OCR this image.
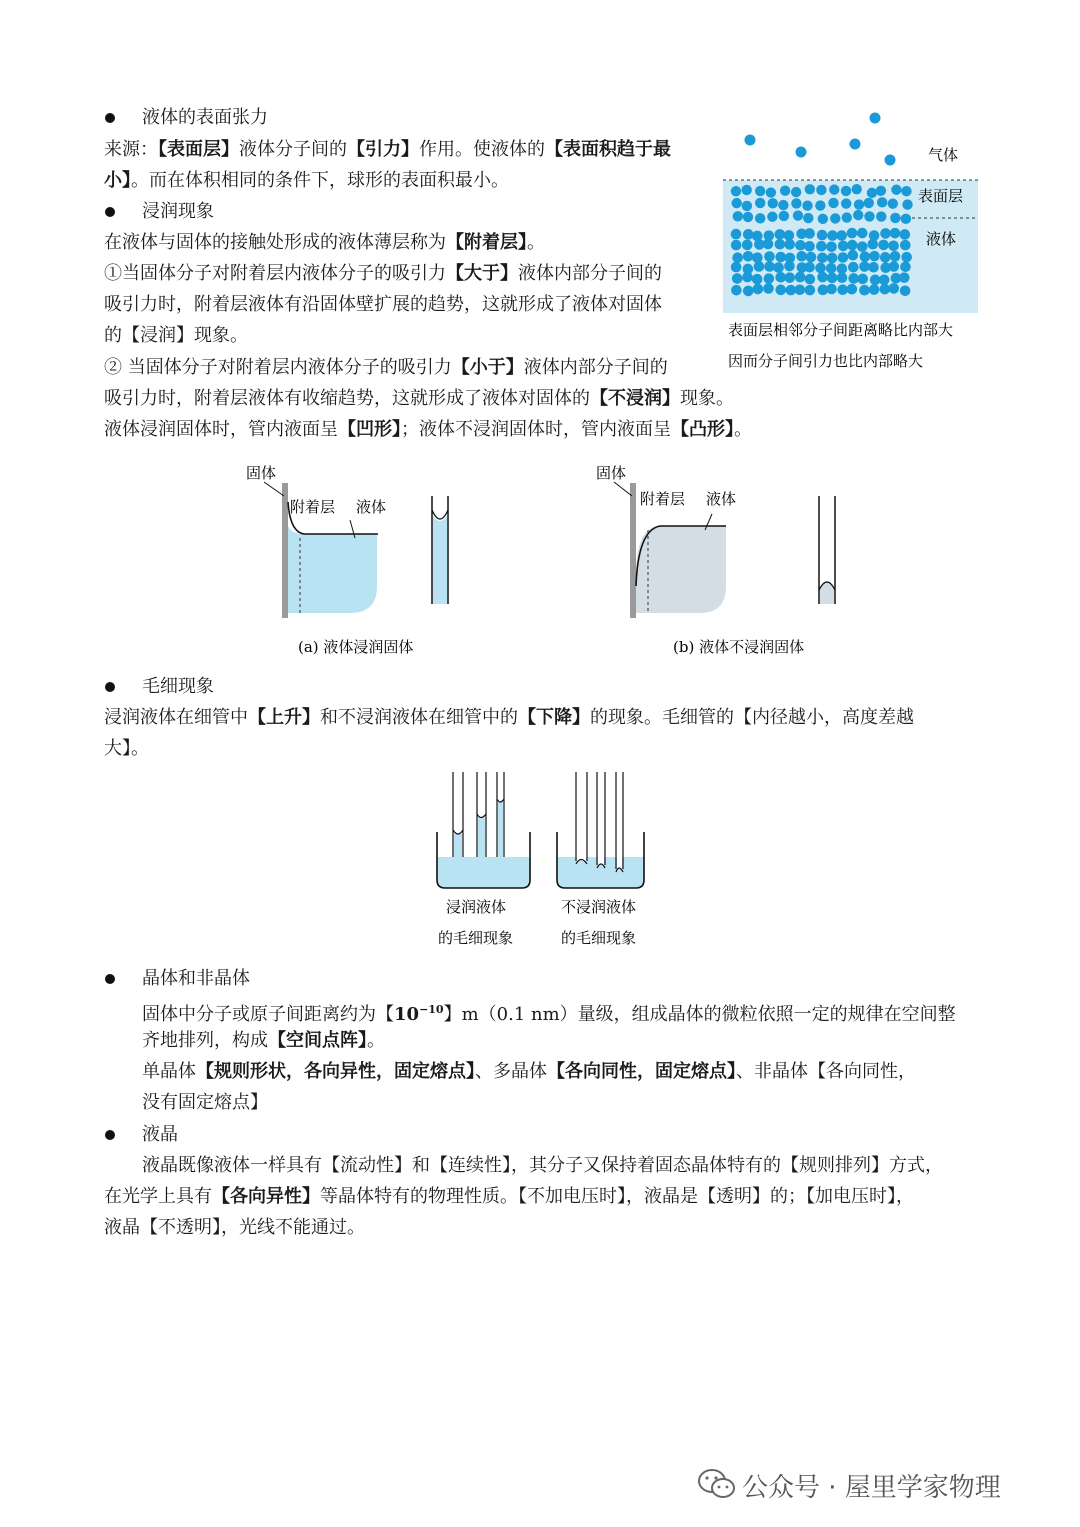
液体的表面张力
来源：【表面层】液体分子间的【引力】作用。使液体的【表面积趋于最
小】。而在体积相同的条件下，球形的表面积最小。
气体
表面层
液体
表面层相邻分子间距离略比内部大
因而分子间引力也比内部略大
浸润现象
在液体与固体的接触处形成的液体薄层称为【附着层】。
①当固体分子对附着层内液体分子的吸引力【大于】液体内部分子间的
吸引力时，附着层液体有沿固体壁扩展的趋势，这就形成了液体对固体
的【浸润】现象。
② 当固体分子对附着层内液体分子的吸引力【小于】液体内部分子间的
吸引力时，附着层液体有收缩趋势，这就形成了液体对固体的【不浸润】现象。
液体浸润固体时，管内液面呈【凹形】；液体不浸润固体时，管内液面呈【凸形】。
固体
附着层 液体
(a) 液体浸润固体
固体
附着层 液体
(b) 液体不浸润固体
毛细现象
浸润液体在细管中【上升】和不浸润液体在细管中的【下降】的现象。毛细管的【内径越小，高度差越
大】。
浸润液体
的毛细现象
不浸润液体
的毛细现象
晶体和非晶体
固体中分子或原子间距离约为【$10^{-10}$】m（0.1 nm）量级，组成晶体的微粒依照一定的规律在空间整
齐地排列，构成【空间点阵】。
单晶体【规则形状，各向异性，固定熔点】、多晶体【各向同性，固定熔点】、非晶体【各向同性，
没有固定熔点】
液晶
液晶既像液体一样具有【流动性】和【连续性】，其分子又保持着固态晶体特有的【规则排列】方式，
在光学上具有【各向异性】等晶体特有的物理性质。【不加电压时】，液晶是【透明】的；【加电压时】，
液晶【不透明】，光线不能通过。
公众号 · 屋里学家物理
